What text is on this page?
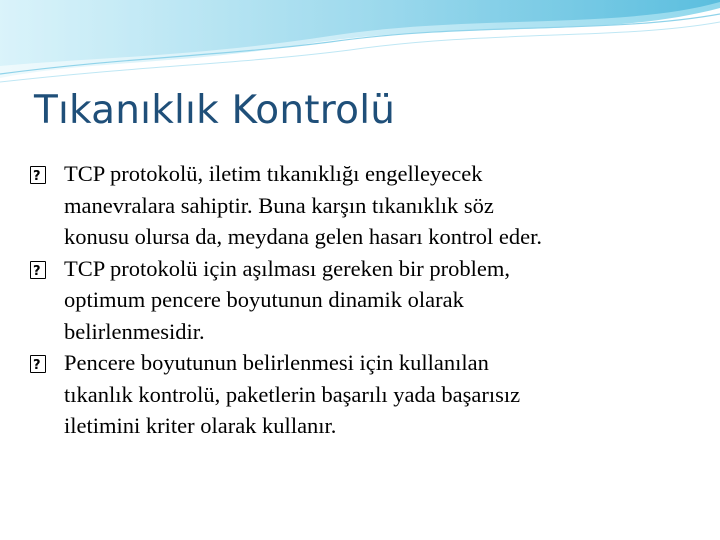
Tıkanıklık Kontrolü
?
TCP protokolü, iletim tıkanıklığı engelleyecek
manevralara sahiptir. Buna karşın tıkanıklık söz
konusu olursa da, meydana gelen hasarı kontrol eder.
?
TCP protokolü için aşılması gereken bir problem,
optimum pencere boyutunun dinamik olarak
belirlenmesidir.
?
Pencere boyutunun belirlenmesi için kullanılan
tıkanlık kontrolü, paketlerin başarılı yada başarısız
iletimini kriter olarak kullanır.
